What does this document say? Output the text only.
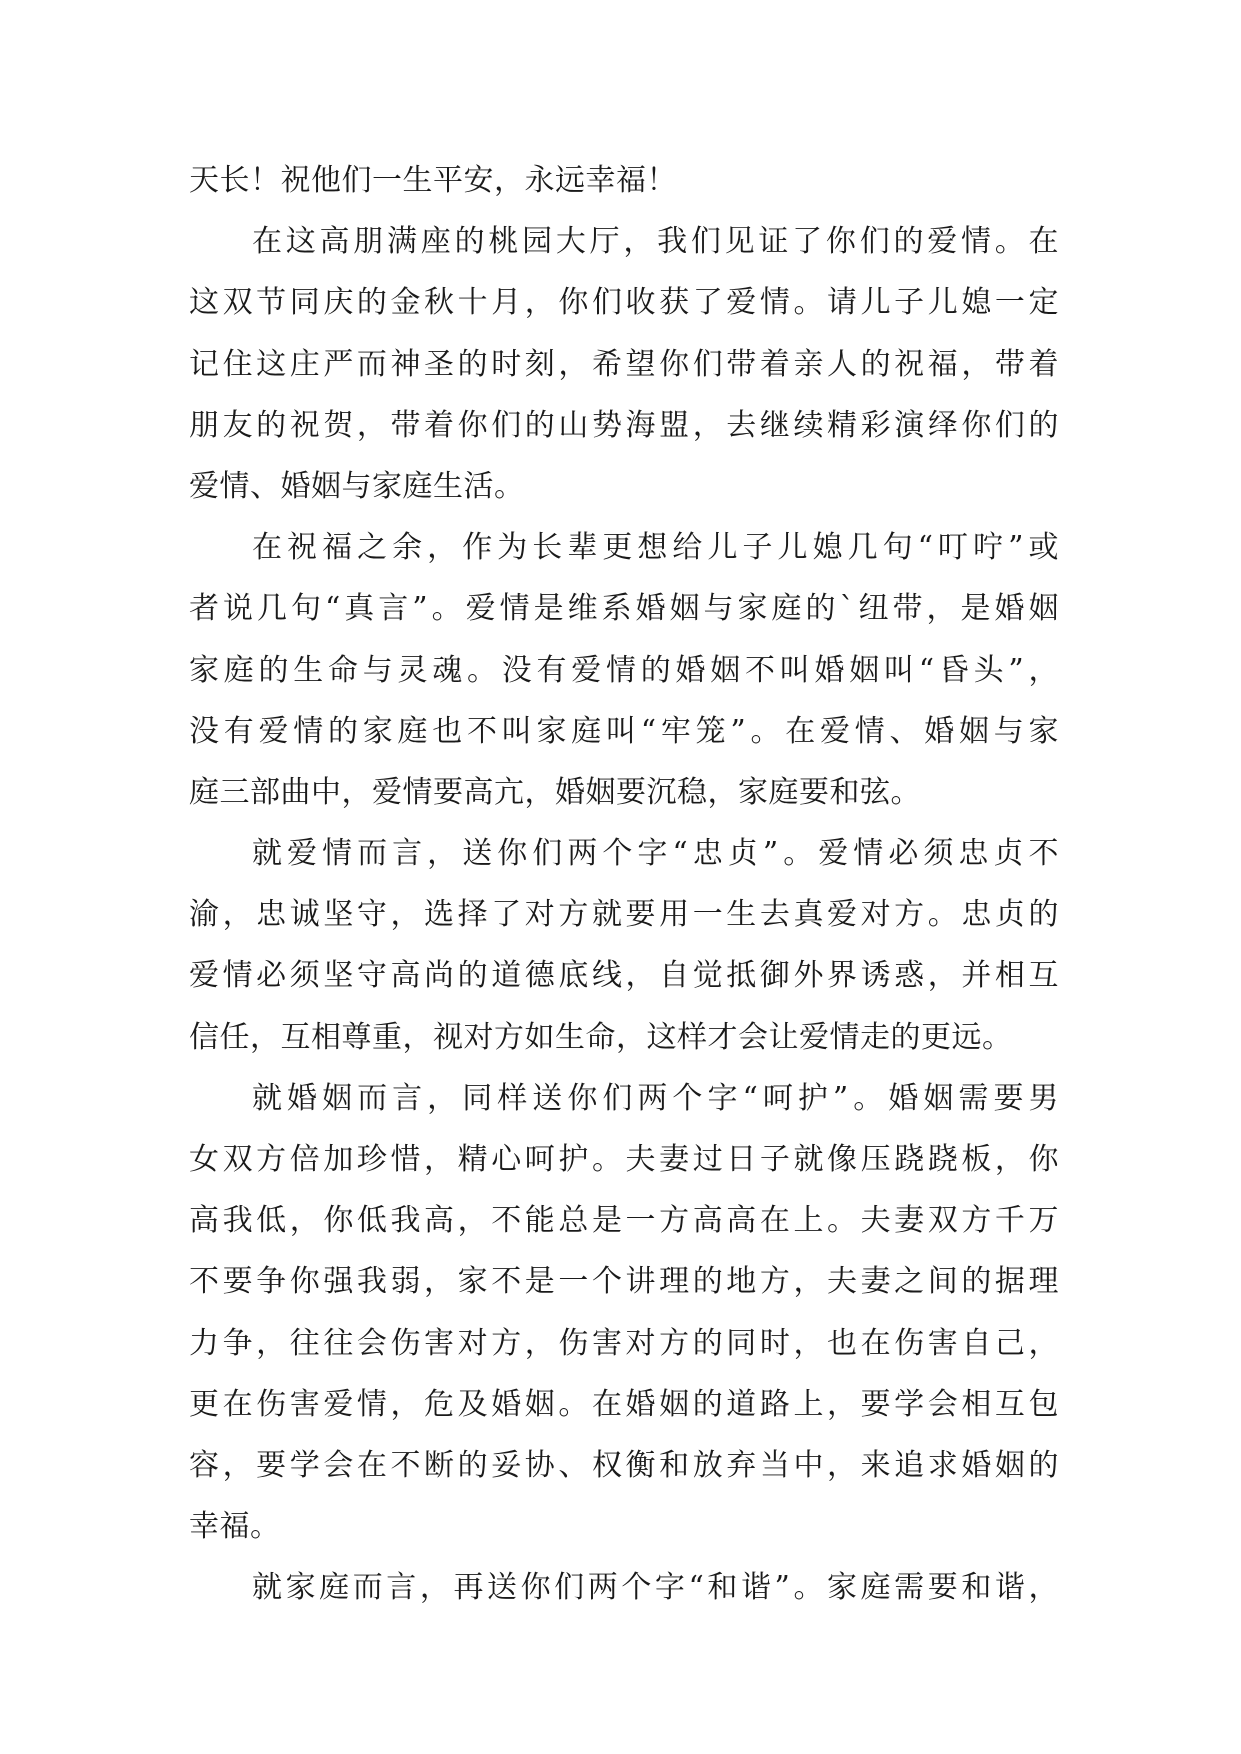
天长！祝他们一生平安，永远幸福！
在这高朋满座的桃园大厅，我们见证了你们的爱情。在
这双节同庆的金秋十月，你们收获了爱情。请儿子儿媳一定
记住这庄严而神圣的时刻，希望你们带着亲人的祝福，带着
朋友的祝贺，带着你们的山势海盟，去继续精彩演绎你们的
爱情、婚姻与家庭生活。
在祝福之余，作为长辈更想给儿子儿媳几句“叮咛”或
者说几句“真言”。爱情是维系婚姻与家庭的`纽带，是婚姻
家庭的生命与灵魂。没有爱情的婚姻不叫婚姻叫“昏头”，
没有爱情的家庭也不叫家庭叫“牢笼”。在爱情、婚姻与家
庭三部曲中，爱情要高亢，婚姻要沉稳，家庭要和弦。
就爱情而言，送你们两个字“忠贞”。爱情必须忠贞不
渝，忠诚坚守，选择了对方就要用一生去真爱对方。忠贞的
爱情必须坚守高尚的道德底线，自觉抵御外界诱惑，并相互
信任，互相尊重，视对方如生命，这样才会让爱情走的更远。
就婚姻而言，同样送你们两个字“呵护”。婚姻需要男
女双方倍加珍惜，精心呵护。夫妻过日子就像压跷跷板，你
高我低，你低我高，不能总是一方高高在上。夫妻双方千万
不要争你强我弱，家不是一个讲理的地方，夫妻之间的据理
力争，往往会伤害对方，伤害对方的同时，也在伤害自己，
更在伤害爱情，危及婚姻。在婚姻的道路上，要学会相互包
容，要学会在不断的妥协、权衡和放弃当中，来追求婚姻的
幸福。
就家庭而言，再送你们两个字“和谐”。家庭需要和谐，
